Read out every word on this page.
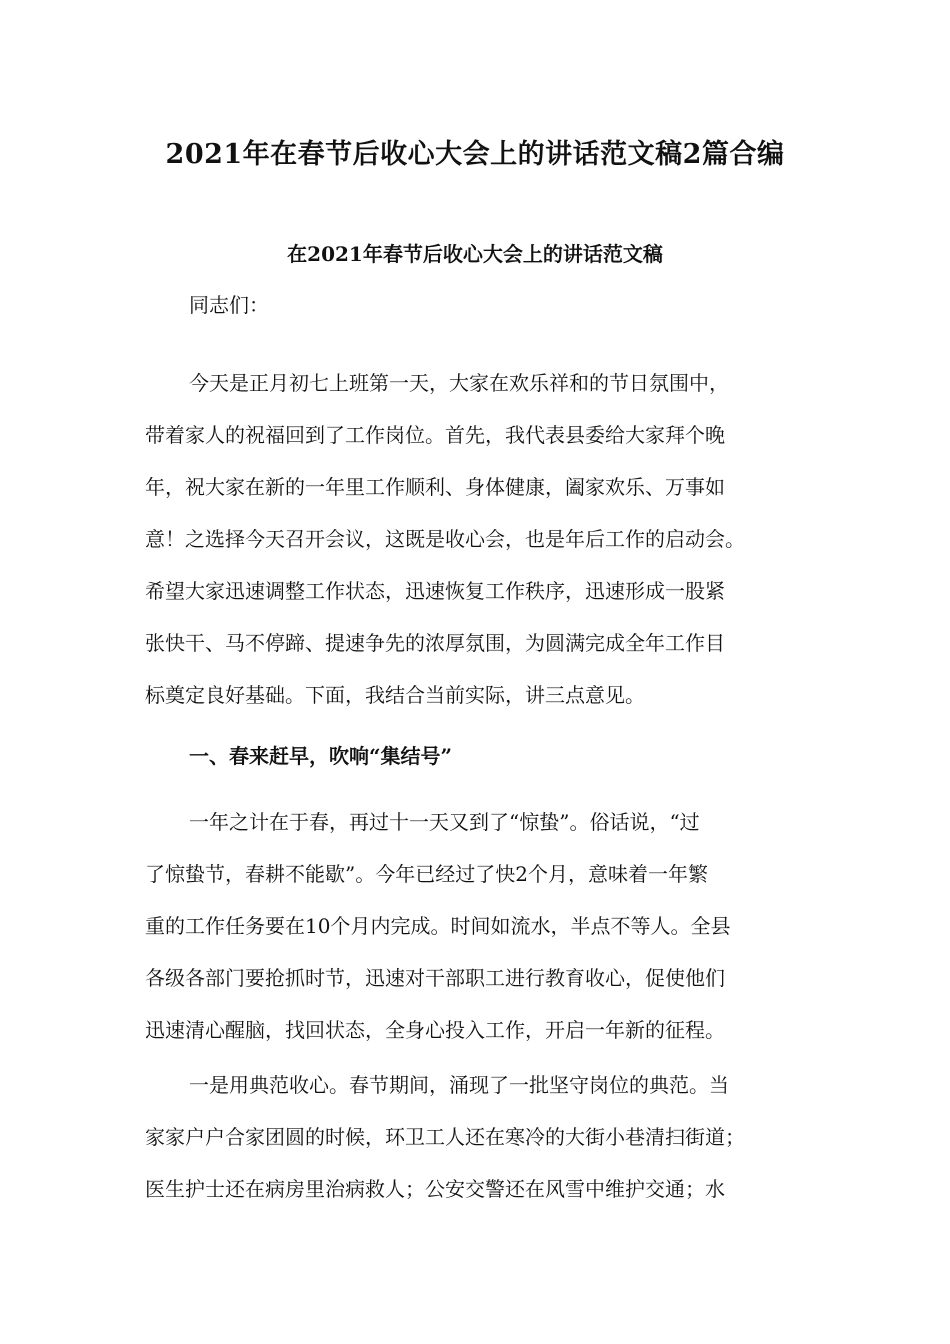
2021年在春节后收心大会上的讲话范文稿2篇合编
在2021年春节后收心大会上的讲话范文稿
同志们：
今天是正月初七上班第一天，大家在欢乐祥和的节日氛围中，
带着家人的祝福回到了工作岗位。首先，我代表县委给大家拜个晚
年，祝大家在新的一年里工作顺利、身体健康，阖家欢乐、万事如
意！之选择今天召开会议，这既是收心会，也是年后工作的启动会。
希望大家迅速调整工作状态，迅速恢复工作秩序，迅速形成一股紧
张快干、马不停蹄、提速争先的浓厚氛围，为圆满完成全年工作目
标奠定良好基础。下面，我结合当前实际，讲三点意见。
一、春来赶早，吹响“集结号”
一年之计在于春，再过十一天又到了“惊蛰”。俗话说，“过
了惊蛰节，春耕不能歇”。今年已经过了快2个月，意味着一年繁
重的工作任务要在10个月内完成。时间如流水，半点不等人。全县
各级各部门要抢抓时节，迅速对干部职工进行教育收心，促使他们
迅速清心醒脑，找回状态，全身心投入工作，开启一年新的征程。
一是用典范收心。春节期间，涌现了一批坚守岗位的典范。当
家家户户合家团圆的时候，环卫工人还在寒冷的大街小巷清扫街道；
医生护士还在病房里治病救人；公安交警还在风雪中维护交通；水
